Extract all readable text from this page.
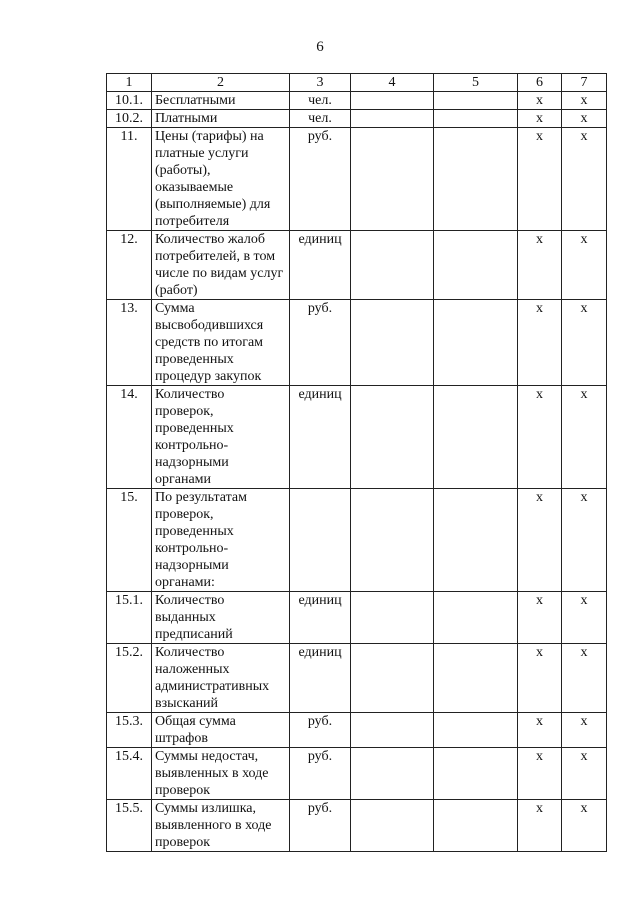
6
1	2	3	4	5	6	7
10.1.	Бесплатными	чел.			x	x
10.2.	Платными	чел.			x	x
11.	Цены (тарифы) на платные услуги (работы), оказываемые (выполняемые) для потребителя	руб.			x	x
12.	Количество жалоб потребителей, в том числе по видам услуг (работ)	единиц			x	x
13.	Сумма высвободившихся средств по итогам проведенных процедур закупок	руб.			x	x
14.	Количество проверок, проведенных контрольно-надзорными органами	единиц			x	x
15.	По результатам проверок, проведенных контрольно-надзорными органами:				x	x
15.1.	Количество выданных предписаний	единиц			x	x
15.2.	Количество наложенных административных взысканий	единиц			x	x
15.3.	Общая сумма штрафов	руб.			x	x
15.4.	Суммы недостач, выявленных в ходе проверок	руб.			x	x
15.5.	Суммы излишка, выявленного в ходе проверок	руб.			x	x
